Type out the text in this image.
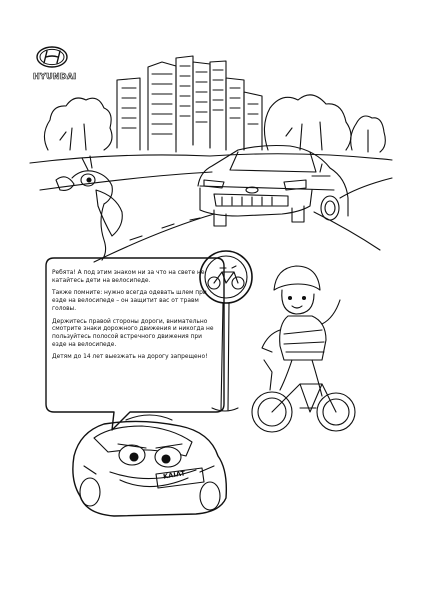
HYUNDAI

Ребята! А под этим знаком ни за что на свете не катайтесь дети на велосипеде.

Также помните: нужно всегда одевать шлем при езде на велосипеде – он защитит вас от травм головы.

Держитесь правой стороны дороги, внимательно смотрите знаки дорожного движения и никогда не пользуйтесь полосой встречного движения при езде на велосипеде.

Детям до 14 лет выезжать на дорогу запрещено!

KAIAT
